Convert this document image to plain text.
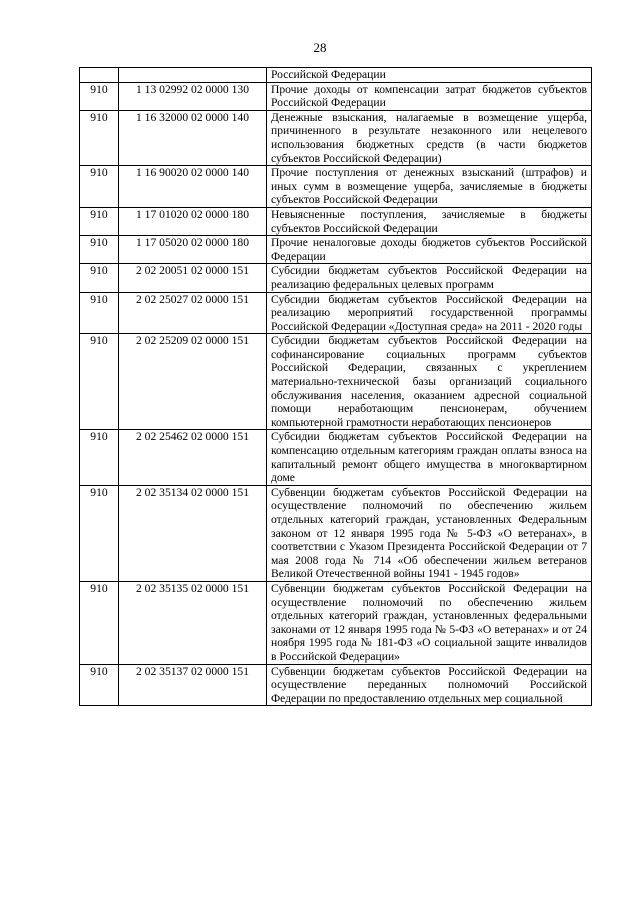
28
		Российской Федерации
910	1 13 02992 02 0000 130	Прочие доходы от компенсации затрат бюджетов субъектов Российской Федерации
910	1 16 32000 02 0000 140	Денежные взыскания, налагаемые в возмещение ущерба, причиненного в результате незаконного или нецелевого использования бюджетных средств (в части бюджетов субъектов Российской Федерации)
910	1 16 90020 02 0000 140	Прочие поступления от денежных взысканий (штрафов) и иных сумм в возмещение ущерба, зачисляемые в бюджеты субъектов Российской Федерации
910	1 17 01020 02 0000 180	Невыясненные поступления, зачисляемые в бюджеты субъектов Российской Федерации
910	1 17 05020 02 0000 180	Прочие неналоговые доходы бюджетов субъектов Российской Федерации
910	2 02 20051 02 0000 151	Субсидии бюджетам субъектов Российской Федерации на реализацию федеральных целевых программ
910	2 02 25027 02 0000 151	Субсидии бюджетам субъектов Российской Федерации на реализацию мероприятий государственной программы Российской Федерации «Доступная среда» на 2011 - 2020 годы
910	2 02 25209 02 0000 151	Субсидии бюджетам субъектов Российской Федерации на софинансирование социальных программ субъектов Российской Федерации, связанных с укреплением материально-технической базы организаций социального обслуживания населения, оказанием адресной социальной помощи неработающим пенсионерам, обучением компьютерной грамотности неработающих пенсионеров
910	2 02 25462 02 0000 151	Субсидии бюджетам субъектов Российской Федерации на компенсацию отдельным категориям граждан оплаты взноса на капитальный ремонт общего имущества в многоквартирном доме
910	2 02 35134 02 0000 151	Субвенции бюджетам субъектов Российской Федерации на осуществление полномочий по обеспечению жильем отдельных категорий граждан, установленных Федеральным законом от 12 января 1995 года № 5-ФЗ «О ветеранах», в соответствии с Указом Президента Российской Федерации от 7 мая 2008 года № 714 «Об обеспечении жильем ветеранов Великой Отечественной войны 1941 - 1945 годов»
910	2 02 35135 02 0000 151	Субвенции бюджетам субъектов Российской Федерации на осуществление полномочий по обеспечению жильем отдельных категорий граждан, установленных федеральными законами от 12 января 1995 года № 5-ФЗ «О ветеранах» и от 24 ноября 1995 года № 181-ФЗ «О социальной защите инвалидов в Российской Федерации»
910	2 02 35137 02 0000 151	Субвенции бюджетам субъектов Российской Федерации на осуществление переданных полномочий Российской Федерации по предоставлению отдельных мер социальной
